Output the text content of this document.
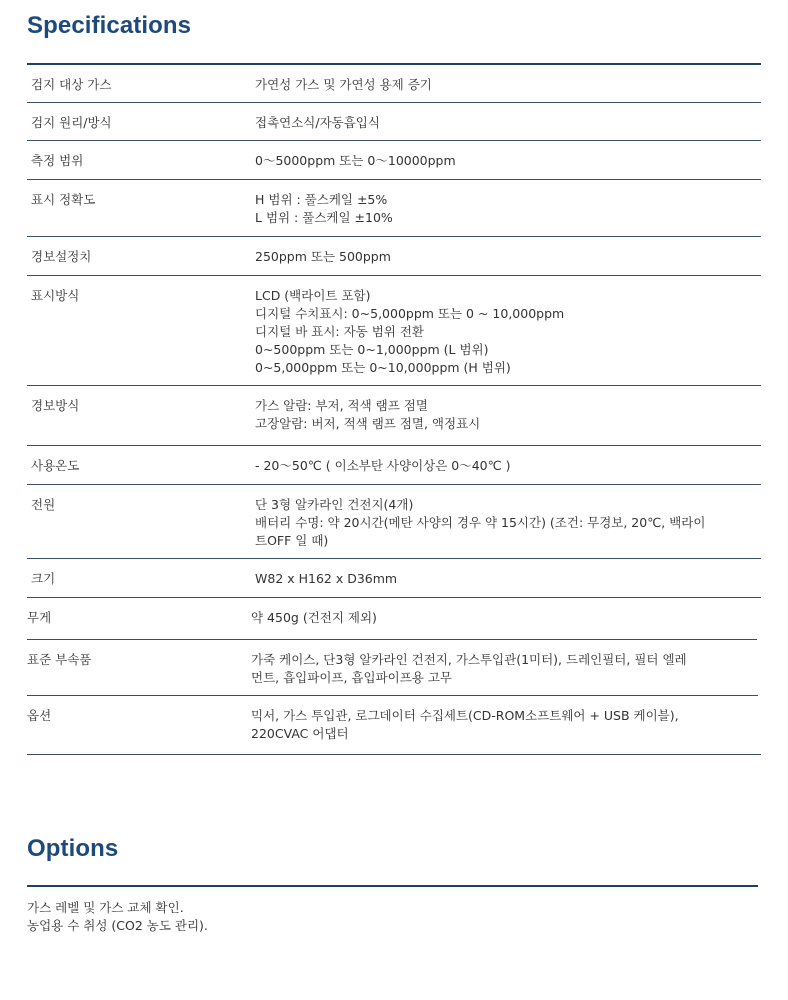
Specifications
검지 대상 가스	가연성 가스 및 가연성 용제 증기
검지 원리/방식	접촉연소식/자동흡입식
측정 범위	0～5000ppm 또는 0～10000ppm
표시 정확도	H 범위 : 풀스케일 ±5%
L 범위 : 풀스케일 ±10%
경보설정치	250ppm 또는 500ppm
표시방식	LCD (백라이트 포함)
디지털 수치표시: 0~5,000ppm 또는 0 ~ 10,000ppm
디지털 바 표시: 자동 범위 전환
0~500ppm 또는 0~1,000ppm (L 범위)
0~5,000ppm 또는 0~10,000ppm (H 범위)
경보방식	가스 알람: 부저, 적색 램프 점멸
고장알람: 버저, 적색 램프 점멸, 액정표시
사용온도	- 20～50℃ ( 이소부탄 사양이상은 0～40℃ )
전원	단 3형 알카라인 건전지(4개)
배터리 수명: 약 20시간(메탄 사양의 경우 약 15시간) (조건: 무경보, 20℃, 백라이
트OFF 일 때)
크기	W82 x H162 x D36mm
무게	약 450g (건전지 제외)
표준 부속품	가죽 케이스, 단3형 알카라인 건전지, 가스투입관(1미터), 드레인필터, 필터 엘레
먼트, 흡입파이프, 흡입파이프용 고무
옵션	믹서, 가스 투입관, 로그데이터 수집세트(CD-ROM소프트웨어 + USB 케이블),
220CVAC 어댑터
Options
가스 레벨 및 가스 교체 확인.
농업용 수 취성 (CO2 농도 관리).
